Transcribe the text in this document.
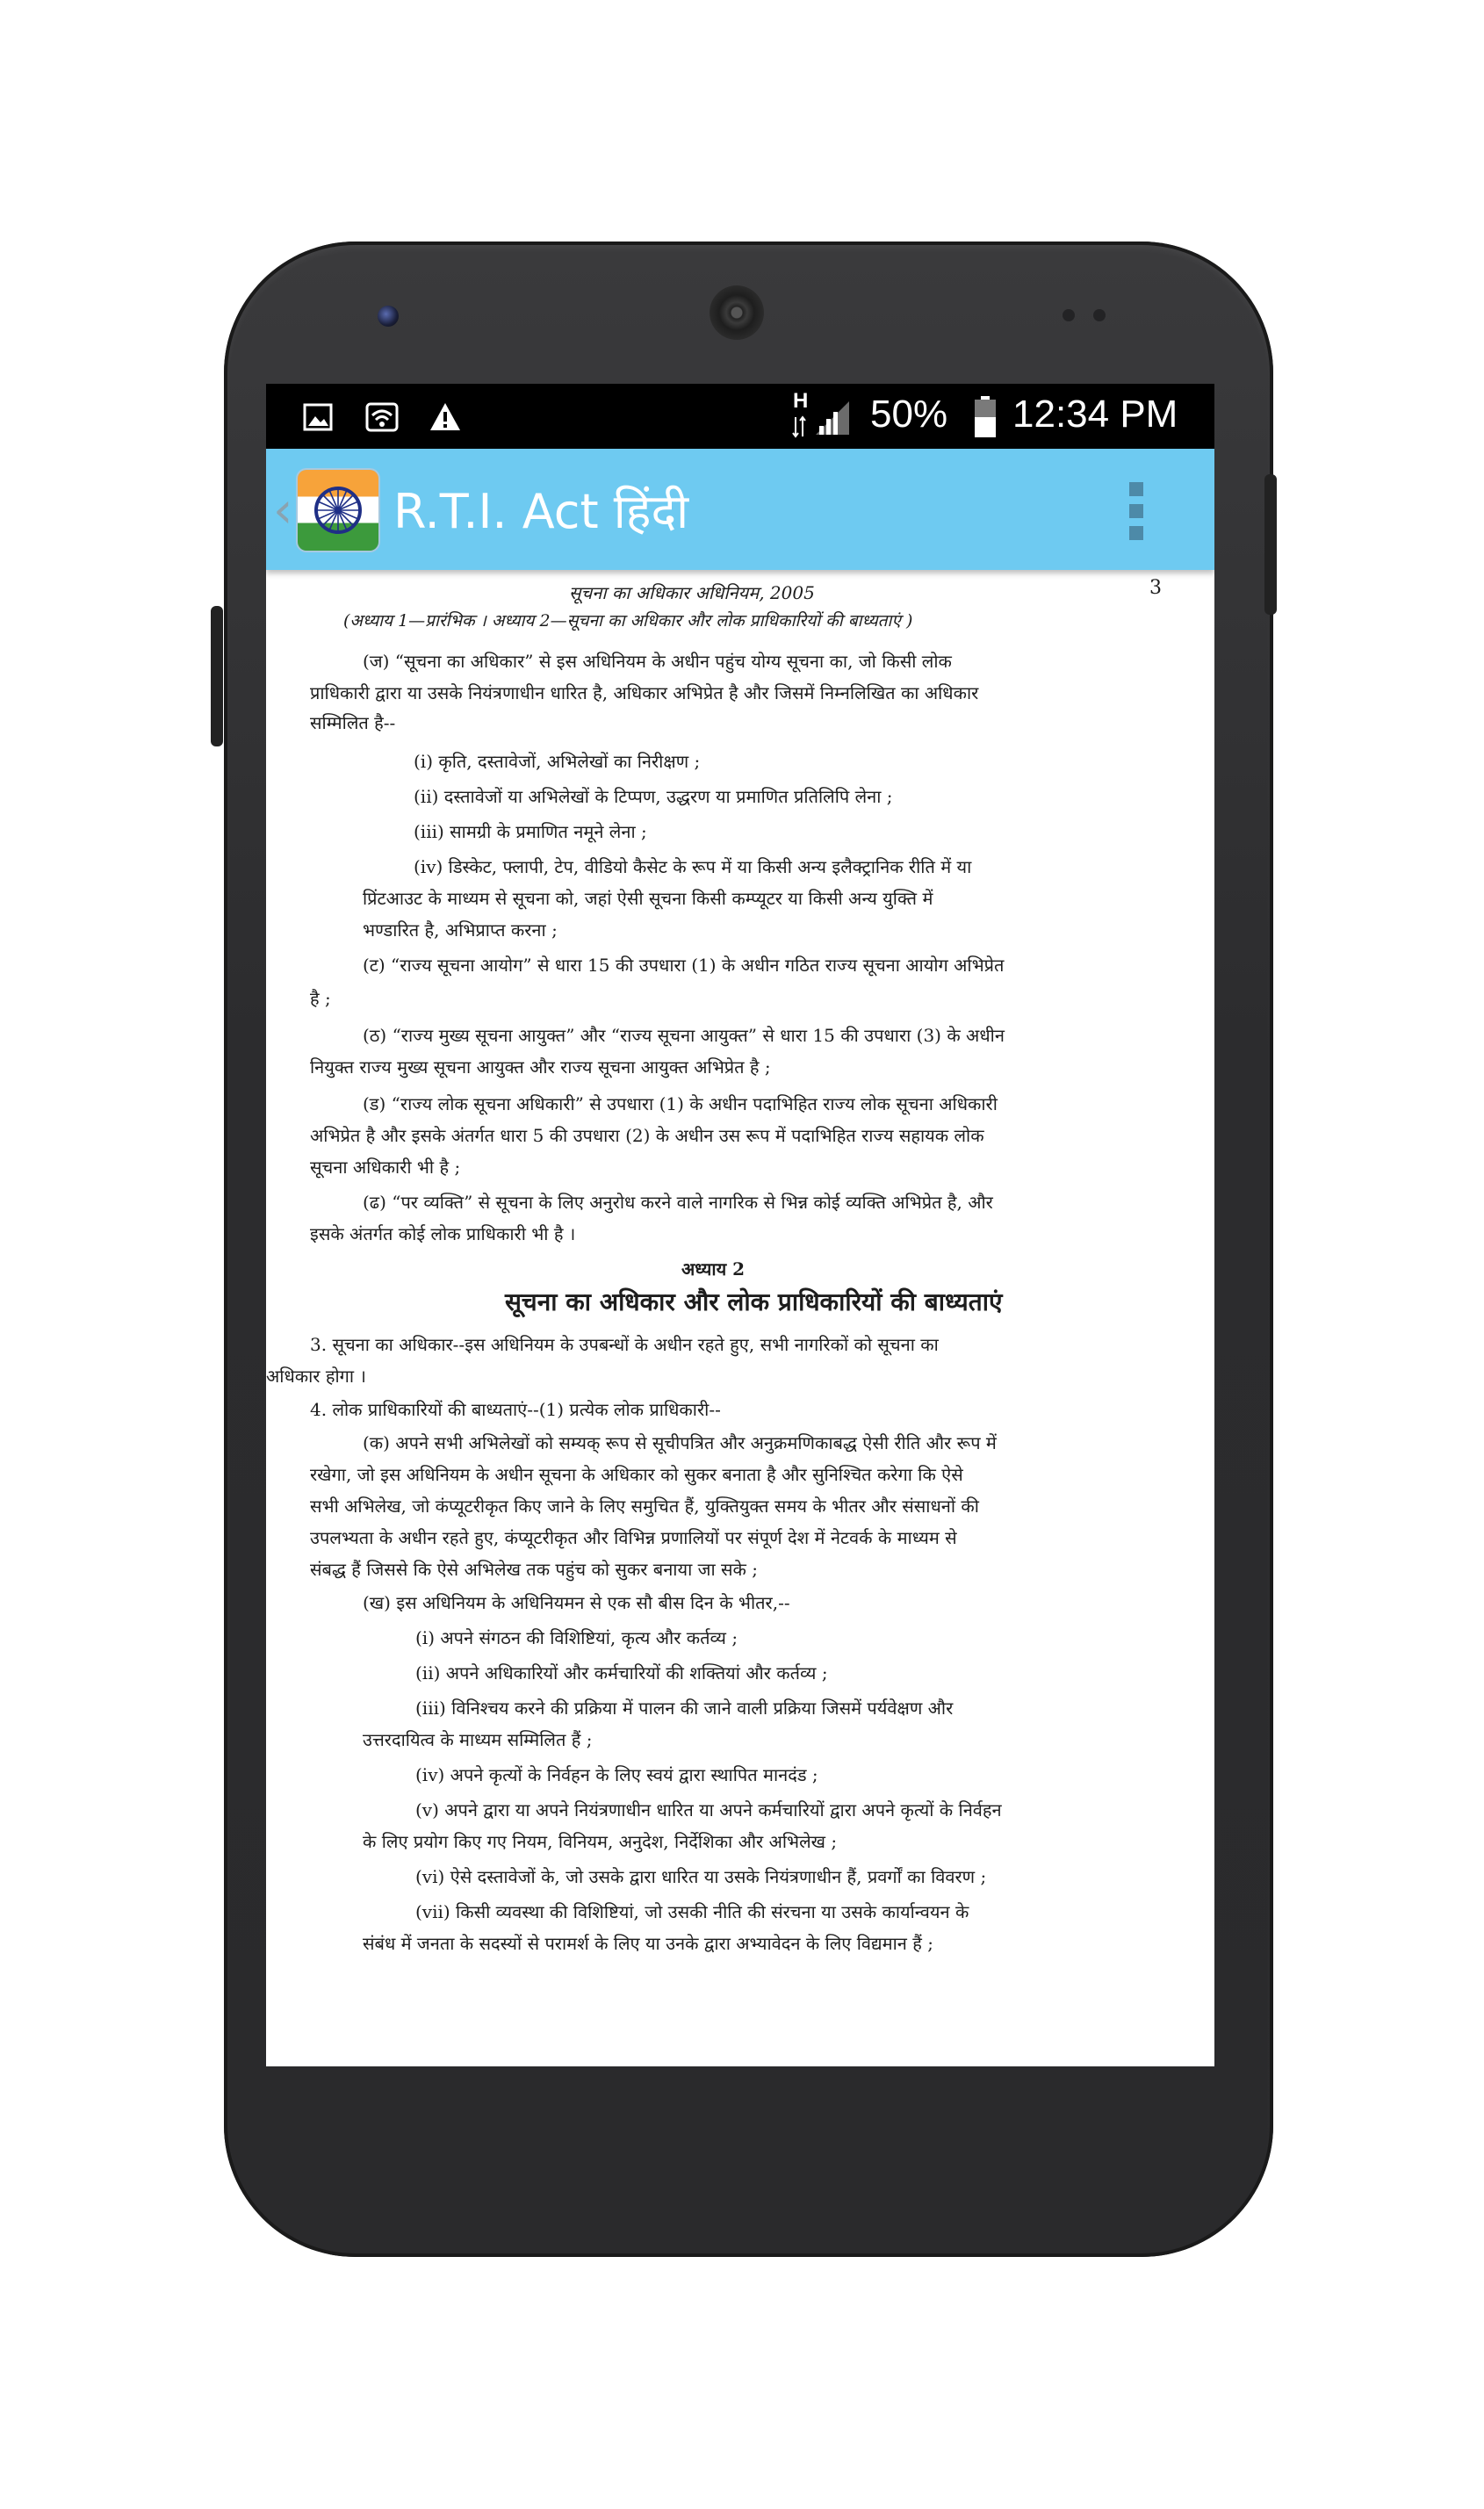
H 50% 12:34 PM
‹ R.T.I. Act हिंदी
सूचना का अधिकार अधिनियम, 2005	3
(अध्याय 1—प्रारंभिक । अध्याय 2—सूचना का अधिकार और लोक प्राधिकारियों की बाध्यताएं )
(ज) “सूचना का अधिकार” से इस अधिनियम के अधीन पहुंच योग्य सूचना का, जो किसी लोक
प्राधिकारी द्वारा या उसके नियंत्रणाधीन धारित है, अधिकार अभिप्रेत है और जिसमें निम्नलिखित का अधिकार
सम्मिलित है--
(i) कृति, दस्तावेजों, अभिलेखों का निरीक्षण ;
(ii) दस्तावेजों या अभिलेखों के टिप्पण, उद्धरण या प्रमाणित प्रतिलिपि लेना ;
(iii) सामग्री के प्रमाणित नमूने लेना ;
(iv) डिस्केट, फ्लापी, टेप, वीडियो कैसेट के रूप में या किसी अन्य इलैक्ट्रानिक रीति में या
प्रिंटआउट के माध्यम से सूचना को, जहां ऐसी सूचना किसी कम्प्यूटर या किसी अन्य युक्ति में
भण्डारित है, अभिप्राप्त करना ;
(ट) “राज्य सूचना आयोग” से धारा 15 की उपधारा (1) के अधीन गठित राज्य सूचना आयोग अभिप्रेत
है ;
(ठ) “राज्य मुख्य सूचना आयुक्त” और “राज्य सूचना आयुक्त” से धारा 15 की उपधारा (3) के अधीन
नियुक्त राज्य मुख्य सूचना आयुक्त और राज्य सूचना आयुक्त अभिप्रेत है ;
(ड) “राज्य लोक सूचना अधिकारी” से उपधारा (1) के अधीन पदाभिहित राज्य लोक सूचना अधिकारी
अभिप्रेत है और इसके अंतर्गत धारा 5 की उपधारा (2) के अधीन उस रूप में पदाभिहित राज्य सहायक लोक
सूचना अधिकारी भी है ;
(ढ) “पर व्यक्ति” से सूचना के लिए अनुरोध करने वाले नागरिक से भिन्न कोई व्यक्ति अभिप्रेत है, और
इसके अंतर्गत कोई लोक प्राधिकारी भी है ।
अध्याय 2
सूचना का अधिकार और लोक प्राधिकारियों की बाध्यताएं
3. सूचना का अधिकार--इस अधिनियम के उपबन्धों के अधीन रहते हुए, सभी नागरिकों को सूचना का
अधिकार होगा ।
4. लोक प्राधिकारियों की बाध्यताएं--(1) प्रत्येक लोक प्राधिकारी--
(क) अपने सभी अभिलेखों को सम्यक् रूप से सूचीपत्रित और अनुक्रमणिकाबद्ध ऐसी रीति और रूप में
रखेगा, जो इस अधिनियम के अधीन सूचना के अधिकार को सुकर बनाता है और सुनिश्चित करेगा कि ऐसे
सभी अभिलेख, जो कंप्यूटरीकृत किए जाने के लिए समुचित हैं, युक्तियुक्त समय के भीतर और संसाधनों की
उपलभ्यता के अधीन रहते हुए, कंप्यूटरीकृत और विभिन्न प्रणालियों पर संपूर्ण देश में नेटवर्क के माध्यम से
संबद्ध हैं जिससे कि ऐसे अभिलेख तक पहुंच को सुकर बनाया जा सके ;
(ख) इस अधिनियम के अधिनियमन से एक सौ बीस दिन के भीतर,--
(i) अपने संगठन की विशिष्टियां, कृत्य और कर्तव्य ;
(ii) अपने अधिकारियों और कर्मचारियों की शक्तियां और कर्तव्य ;
(iii) विनिश्चय करने की प्रक्रिया में पालन की जाने वाली प्रक्रिया जिसमें पर्यवेक्षण और
उत्तरदायित्व के माध्यम सम्मिलित हैं ;
(iv) अपने कृत्यों के निर्वहन के लिए स्वयं द्वारा स्थापित मानदंड ;
(v) अपने द्वारा या अपने नियंत्रणाधीन धारित या अपने कर्मचारियों द्वारा अपने कृत्यों के निर्वहन
के लिए प्रयोग किए गए नियम, विनियम, अनुदेश, निर्देशिका और अभिलेख ;
(vi) ऐसे दस्तावेजों के, जो उसके द्वारा धारित या उसके नियंत्रणाधीन हैं, प्रवर्गों का विवरण ;
(vii) किसी व्यवस्था की विशिष्टियां, जो उसकी नीति की संरचना या उसके कार्यान्वयन के
संबंध में जनता के सदस्यों से परामर्श के लिए या उनके द्वारा अभ्यावेदन के लिए विद्यमान हैं ;
